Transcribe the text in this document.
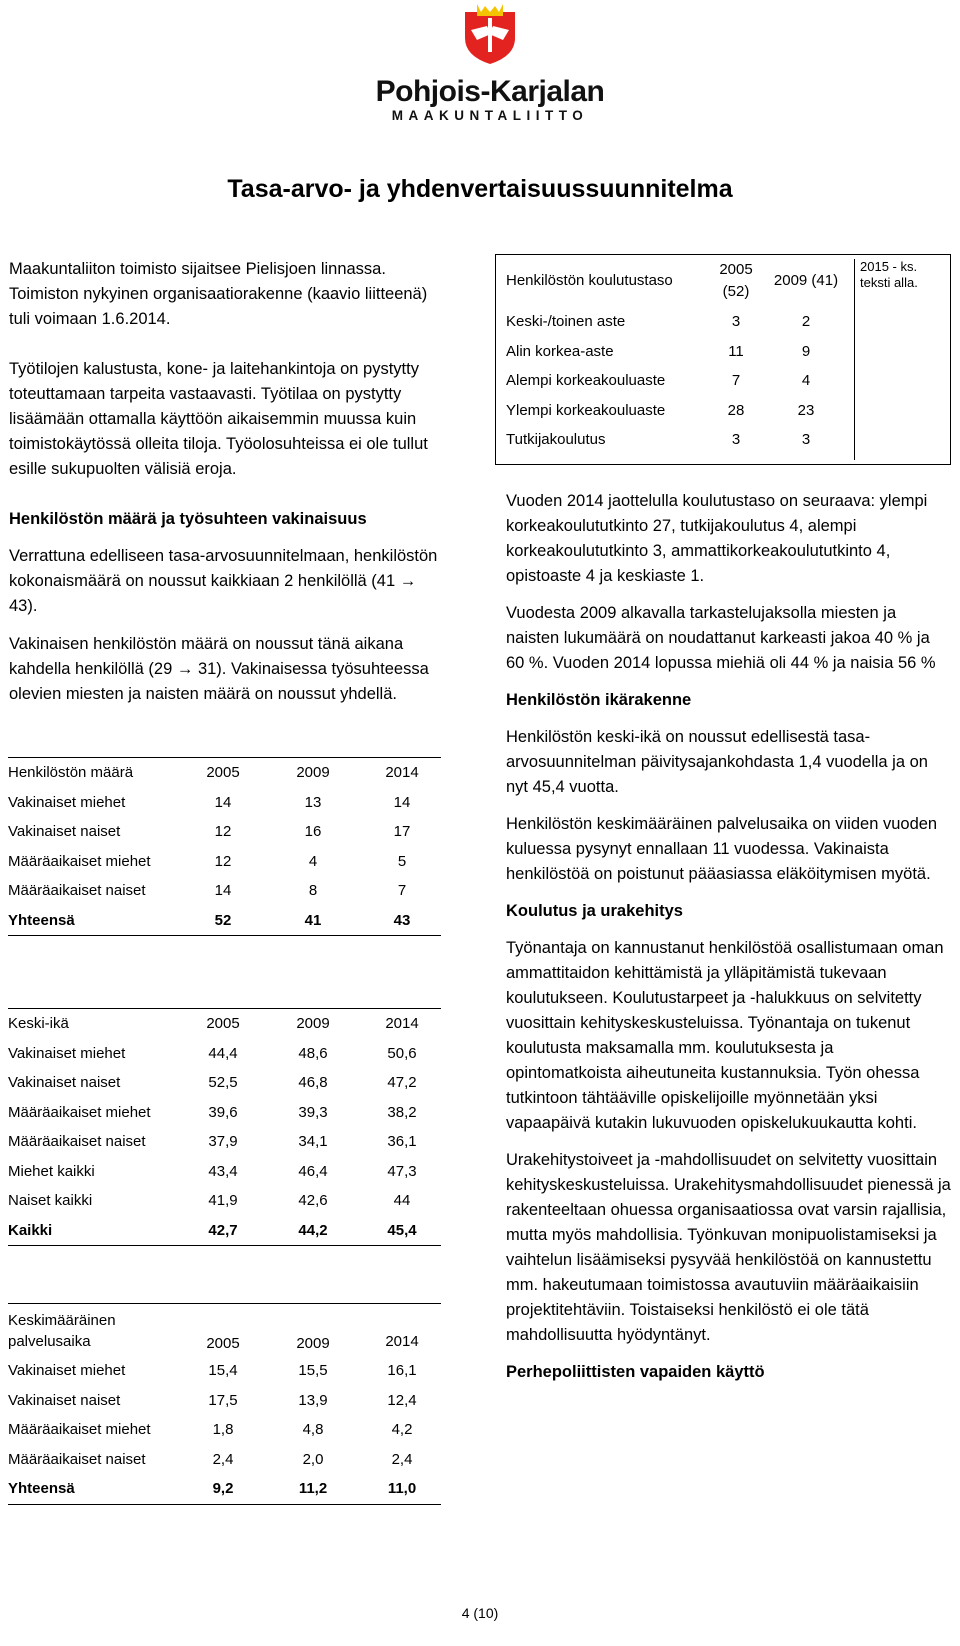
Pohjois-Karjalan
MAAKUNTALIITTO
Tasa-arvo- ja yhdenvertaisuussuunnitelma

Maakuntaliiton toimisto sijaitsee Pielisjoen linnassa. Toimiston nykyinen organisaatiorakenne (kaavio liitteenä) tuli voimaan 1.6.2014.

Työtilojen kalustusta, kone- ja laitehankintoja on pystytty toteuttamaan tarpeita vastaavasti. Työtilaa on pystytty lisäämään ottamalla käyttöön aikaisemmin muussa kuin toimistokäytössä olleita tiloja. Työolosuhteissa ei ole tullut esille sukupuolten välisiä eroja.

Henkilöstön määrä ja työsuhteen vakinaisuus

Verrattuna edelliseen tasa-arvosuunnitelmaan, henkilöstön kokonaismäärä on noussut kaikkiaan 2 henkilöllä (41 → 43).

Vakinaisen henkilöstön määrä on noussut tänä aikana kahdella henkilöllä (29 → 31). Vakinaisessa työsuhteessa olevien miesten ja naisten määrä on noussut yhdellä.

Henkilöstön määrä	2005	2009	2014
Vakinaiset miehet	14	13	14
Vakinaiset naiset	12	16	17
Määräaikaiset miehet	12	4	5
Määräaikaiset naiset	14	8	7
Yhteensä	52	41	43
Keski-ikä	2005	2009	2014
Vakinaiset miehet	44,4	48,6	50,6
Vakinaiset naiset	52,5	46,8	47,2
Määräaikaiset miehet	39,6	39,3	38,2
Määräaikaiset naiset	37,9	34,1	36,1
Miehet kaikki	43,4	46,4	47,3
Naiset kaikki	41,9	42,6	44
Kaikki	42,7	44,2	45,4
Keskimääräinen palvelusaika	2005	2009	2014
Vakinaiset miehet	15,4	15,5	16,1
Vakinaiset naiset	17,5	13,9	12,4
Määräaikaiset miehet	1,8	4,8	4,2
Määräaikaiset naiset	2,4	2,0	2,4
Yhteensä	9,2	11,2	11,0
Henkilöstön koulutustaso	2005 (52)	2009 (41)
Keski-/toinen aste	3	2
Alin korkea-aste	11	9
Alempi korkeakouluaste	7	4
Ylempi korkeakouluaste	28	23
Tutkijakoulutus	3	3
2015 - ks. teksti alla.

Vuoden 2014 jaottelulla koulutustaso on seuraava: ylempi korkeakoulututkinto 27, tutkijakoulutus 4, alempi korkeakoulututkinto 3, ammattikorkeakoulututkinto 4, opistoaste 4 ja keskiaste 1.

Vuodesta 2009 alkavalla tarkastelujaksolla miesten ja naisten lukumäärä on noudattanut karkeasti jakoa 40 % ja 60 %. Vuoden 2014 lopussa miehiä oli 44 % ja naisia 56 %

Henkilöstön ikärakenne

Henkilöstön keski-ikä on noussut edellisestä tasa-arvosuunnitelman päivitysajankohdasta 1,4 vuodella ja on nyt 45,4 vuotta.

Henkilöstön keskimääräinen palvelusaika on viiden vuoden kuluessa pysynyt ennallaan 11 vuodessa. Vakinaista henkilöstöä on poistunut pääasiassa eläköitymisen myötä.

Koulutus ja urakehitys

Työnantaja on kannustanut henkilöstöä osallistumaan oman ammattitaidon kehittämistä ja ylläpitämistä tukevaan koulutukseen. Koulutustarpeet ja -halukkuus on selvitetty vuosittain kehityskeskusteluissa. Työnantaja on tukenut koulutusta maksamalla mm. koulutuksesta ja opintomatkoista aiheutuneita kustannuksia. Työn ohessa tutkintoon tähtääville opiskelijoille myönnetään yksi vapaapäivä kutakin lukuvuoden opiskelukuukautta kohti.

Urakehitystoiveet ja -mahdollisuudet on selvitetty vuosittain kehityskeskusteluissa. Urakehitysmahdollisuudet pienessä ja rakenteeltaan ohuessa organisaatiossa ovat varsin rajallisia, mutta myös mahdollisia. Työnkuvan monipuolistamiseksi ja vaihtelun lisäämiseksi pysyvää henkilöstöä on kannustettu mm. hakeutumaan toimistossa avautuviin määräaikaisiin projektitehtäviin. Toistaiseksi henkilöstö ei ole tätä mahdollisuutta hyödyntänyt.

Perhepoliittisten vapaiden käyttö
4 (10)
